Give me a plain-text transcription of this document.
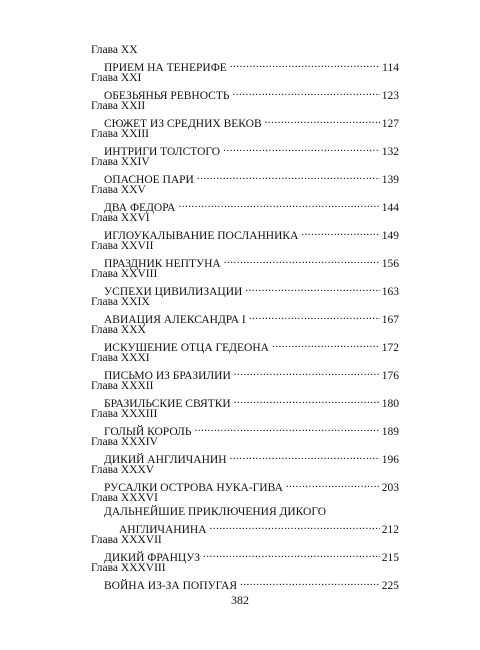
Глава XX
ПРИЕМ НА ТЕНЕРИФЕ .....	114
Глава XXI
ОБЕЗЬЯНЬЯ РЕВНОСТЬ .....	123
Глава XXII
СЮЖЕТ ИЗ СРЕДНИХ ВЕКОВ .....	127
Глава XXIII
ИНТРИГИ ТОЛСТОГО .....	132
Глава XXIV
ОПАСНОЕ ПАРИ .....	139
Глава XXV
ДВА ФЕДОРА .....	144
Глава XXVI
ИГЛОУКАЛЫВАНИЕ ПОСЛАННИКА .....	149
Глава XXVII
ПРАЗДНИК НЕПТУНА .....	156
Глава XXVIII
УСПЕХИ ЦИВИЛИЗАЦИИ .....	163
Глава XXIX
АВИАЦИЯ АЛЕКСАНДРА I .....	167
Глава XXX
ИСКУШЕНИЕ ОТЦА ГЕДЕОНА .....	172
Глава XXXI
ПИСЬМО ИЗ БРАЗИЛИИ .....	176
Глава XXXII
БРАЗИЛЬСКИЕ СВЯТКИ .....	180
Глава XXXIII
ГОЛЫЙ КОРОЛЬ .....	189
Глава XXXIV
ДИКИЙ АНГЛИЧАНИН .....	196
Глава XXXV
РУСАЛКИ ОСТРОВА НУКА-ГИВА .....	203
Глава XXXVI
ДАЛЬНЕЙШИЕ ПРИКЛЮЧЕНИЯ ДИКОГО
АНГЛИЧАНИНА .....	212
Глава XXXVII
ДИКИЙ ФРАНЦУЗ .....	215
Глава XXXVIII
ВОЙНА ИЗ-ЗА ПОПУГАЯ .....	225
382
